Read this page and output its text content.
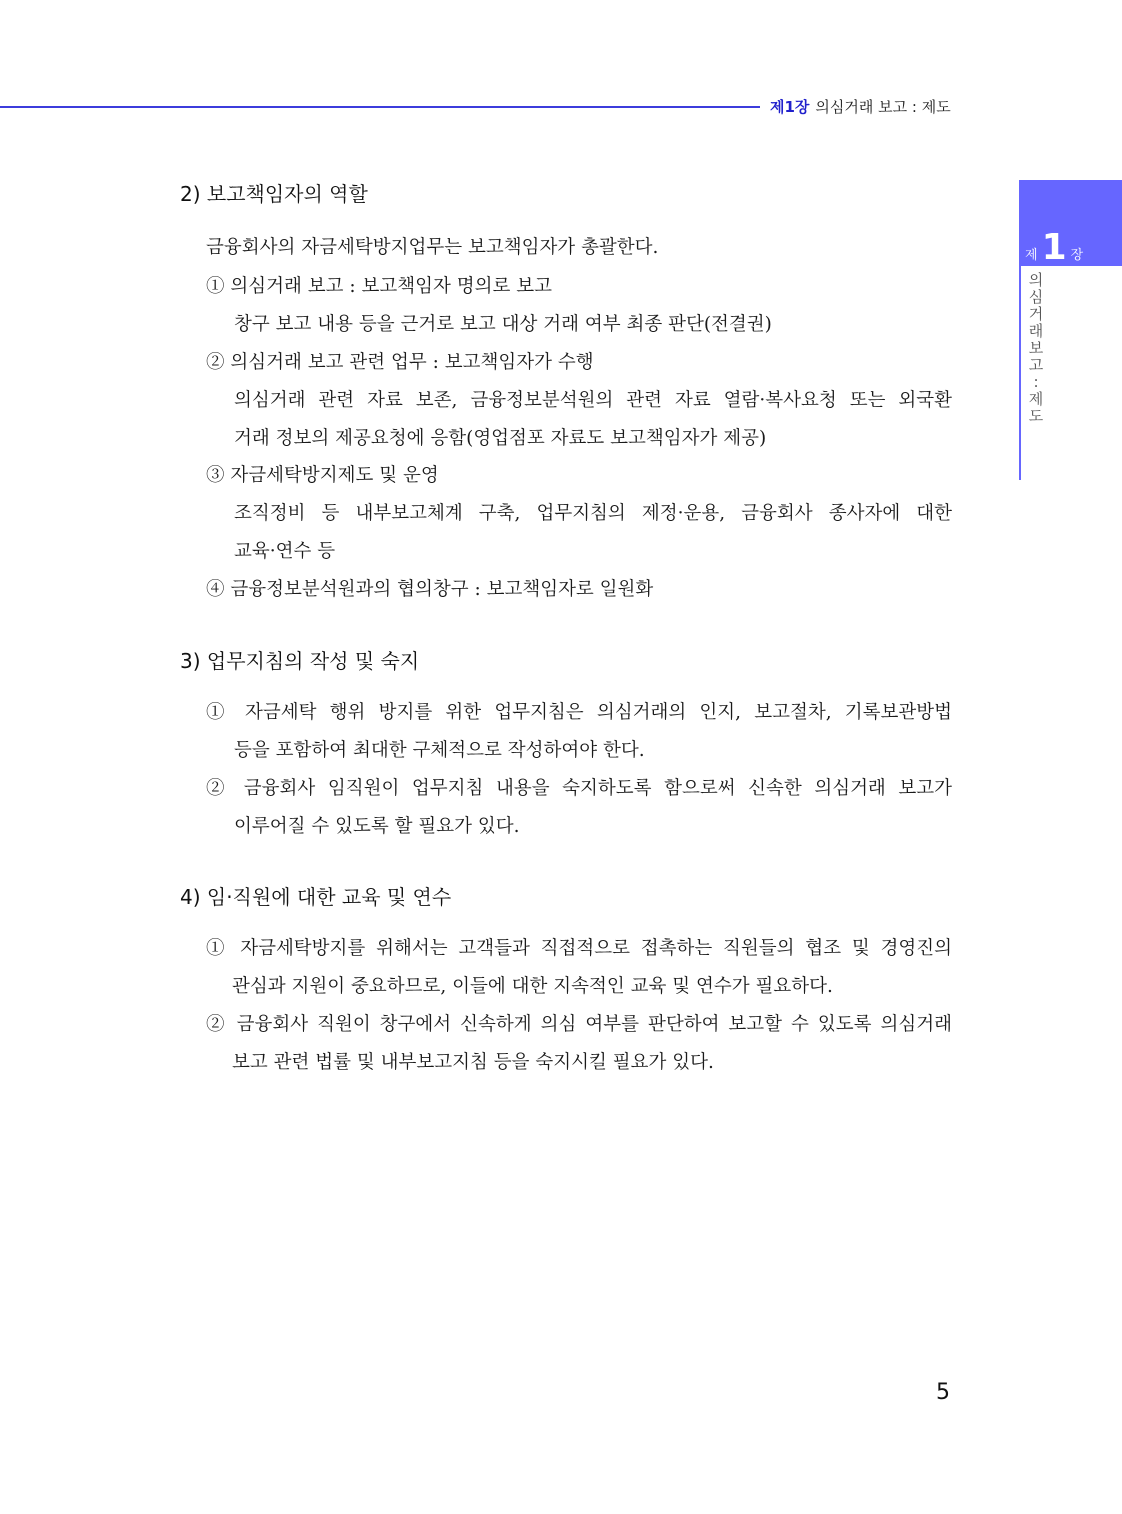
제1장 의심거래 보고 : 제도
제 1 장
의심거래 보고 : 제도
2) 보고책임자의 역할
금융회사의 자금세탁방지업무는 보고책임자가 총괄한다.
① 의심거래 보고 : 보고책임자 명의로 보고
창구 보고 내용 등을 근거로 보고 대상 거래 여부 최종 판단(전결권)
② 의심거래 보고 관련 업무 : 보고책임자가 수행
의심거래 관련 자료 보존, 금융정보분석원의 관련 자료 열람·복사요청 또는 외국환
거래 정보의 제공요청에 응함(영업점포 자료도 보고책임자가 제공)
③ 자금세탁방지제도 및 운영
조직정비 등 내부보고체계 구축, 업무지침의 제정·운용, 금융회사 종사자에 대한
교육·연수 등
④ 금융정보분석원과의 협의창구 : 보고책임자로 일원화
3) 업무지침의 작성 및 숙지
① 자금세탁 행위 방지를 위한 업무지침은 의심거래의 인지, 보고절차, 기록보관방법
등을 포함하여 최대한 구체적으로 작성하여야 한다.
② 금융회사 임직원이 업무지침 내용을 숙지하도록 함으로써 신속한 의심거래 보고가
이루어질 수 있도록 할 필요가 있다.
4) 임·직원에 대한 교육 및 연수
① 자금세탁방지를 위해서는 고객들과 직접적으로 접촉하는 직원들의 협조 및 경영진의
관심과 지원이 중요하므로, 이들에 대한 지속적인 교육 및 연수가 필요하다.
② 금융회사 직원이 창구에서 신속하게 의심 여부를 판단하여 보고할 수 있도록 의심거래
보고 관련 법률 및 내부보고지침 등을 숙지시킬 필요가 있다.
5
